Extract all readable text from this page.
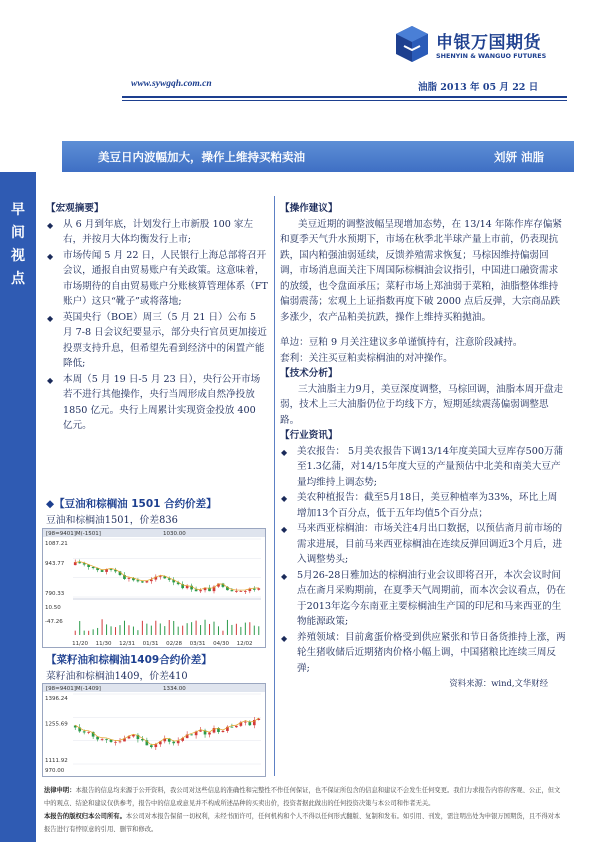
申银万国期货
SHENYIN & WANGUO FUTURES
www.sywgqh.com.cn	油脂 2013 年 05 月 22 日
美豆日内波幅加大，操作上维持买粕卖油	刘妍 油脂
早
间
视
点
【宏观摘要】
◆ 从 6 月到年底，计划发行上市新股 100 家左右，并按月大体均衡发行上市;
◆ 市场传闻 5 月 22 日，人民银行上海总部将召开会议，通报自由贸易账户有关政策。这意味着，市场期待的自由贸易账户分账核算管理体系（FT 账户）这只“靴子”或将落地;
◆ 英国央行（BOE）周三（5 月 21 日）公布 5 月 7-8 日会议纪要显示，部分央行官员更加接近投票支持升息，但希望先看到经济中的闲置产能降低;
◆ 本周（5 月 19 日-5 月 23 日），央行公开市场若不进行其他操作，央行当周形成自然净投放 1850 亿元。央行上周累计实现资金投放 400 亿元。
◆【豆油和棕榈油 1501 合约价差】
豆油和棕榈油1501，价差836
[98=9401]M(-1501]	1030.00
1087.21
943.77
790.33
10.50
-47.26
11/20 11/30 12/31 01/31 02/28 03/31 04/30 12/02
【菜籽油和棕榈油1409合约价差】
菜籽油和棕榈油1409，价差410
[98=9401]M(-1409]	1334.00
1396.24
1255.69
1111.92
970.00
【操作建议】
美豆近期的调整波幅呈现增加态势，在 13/14 年陈作库存偏紧和夏季天气升水预期下，市场在秋季北半球产量上市前，仍表现抗跌，国内粕强油弱延续，反馈养殖需求恢复；马棕因维持偏弱回调，市场消息面关注下周国际棕榈油会议指引，中国进口融资需求的放缓，也令盘面承压；菜籽市场上郑油弱于菜粕，油脂整体维持偏弱震荡；宏观上上证指数再度下破 2000 点后反弹，大宗商品跌多涨少，农产品粕美抗跌，操作上维持买粕抛油。
单边：豆粕 9 月关注建议多单谨慎持有，注意阶段减持。
套利：关注买豆粕卖棕榈油的对冲操作。
【技术分析】
三大油脂主力9月，美豆深度调整，马棕回调，油脂本周开盘走弱，技术上三大油脂仍位于均线下方，短期延续震荡偏弱调整思路。
【行业资讯】
◆ 美农报告： 5月美农报告下调13/14年度美国大豆库存500万蒲至1.3亿蒲，对14/15年度大豆的产量预估中北美和南美大豆产量均维持上调态势;
◆ 美农种植报告：截至5月18日，美豆种植率为33%，环比上周增加13个百分点，低于五年均值5个百分点；
◆ 马来西亚棕榈油：市场关注4月出口数据，以预估斋月前市场的需求进展，目前马来西亚棕榈油在连续反弹回调近3个月后，进入调整势头;
◆ 5月26-28日雅加达的棕榈油行业会议即将召开，本次会议时间点在斋月采购期前，在夏季天气周期前，而本次会议看点，仍在于2013年迄今东南亚主要棕榈油生产国的印尼和马来西亚的生物能源政策;
◆ 养殖领域：目前禽蛋价格受到供应紧张和节日备货推持上涨，两轮生猪收储后近期猪肉价格小幅上调，中国猪粮比连续三周反弹;
资料来源：wind,文华财经
法律申明：本报告的信息均来源于公开资料，我公司对这些信息的准确性和完整性不作任何保证，也不保证所包含的信息和建议不会发生任何变更。我们力求报告内容的客观、公正，但文中的观点、结论和建议仅供参考，报告中的信息或意见并不构成所述品种的买卖出价，投资者据此做出的任何投资决策与本公司和作者无关。
本报告的版权归本公司所有。本公司对本报告保留一切权利，未经书面许可，任何机构和个人不得以任何形式翻版、复制和发布。如引用、刊发，需注明出处为申银万国期货，且不得对本报告进行有悖原意的引用、删节和修改。
